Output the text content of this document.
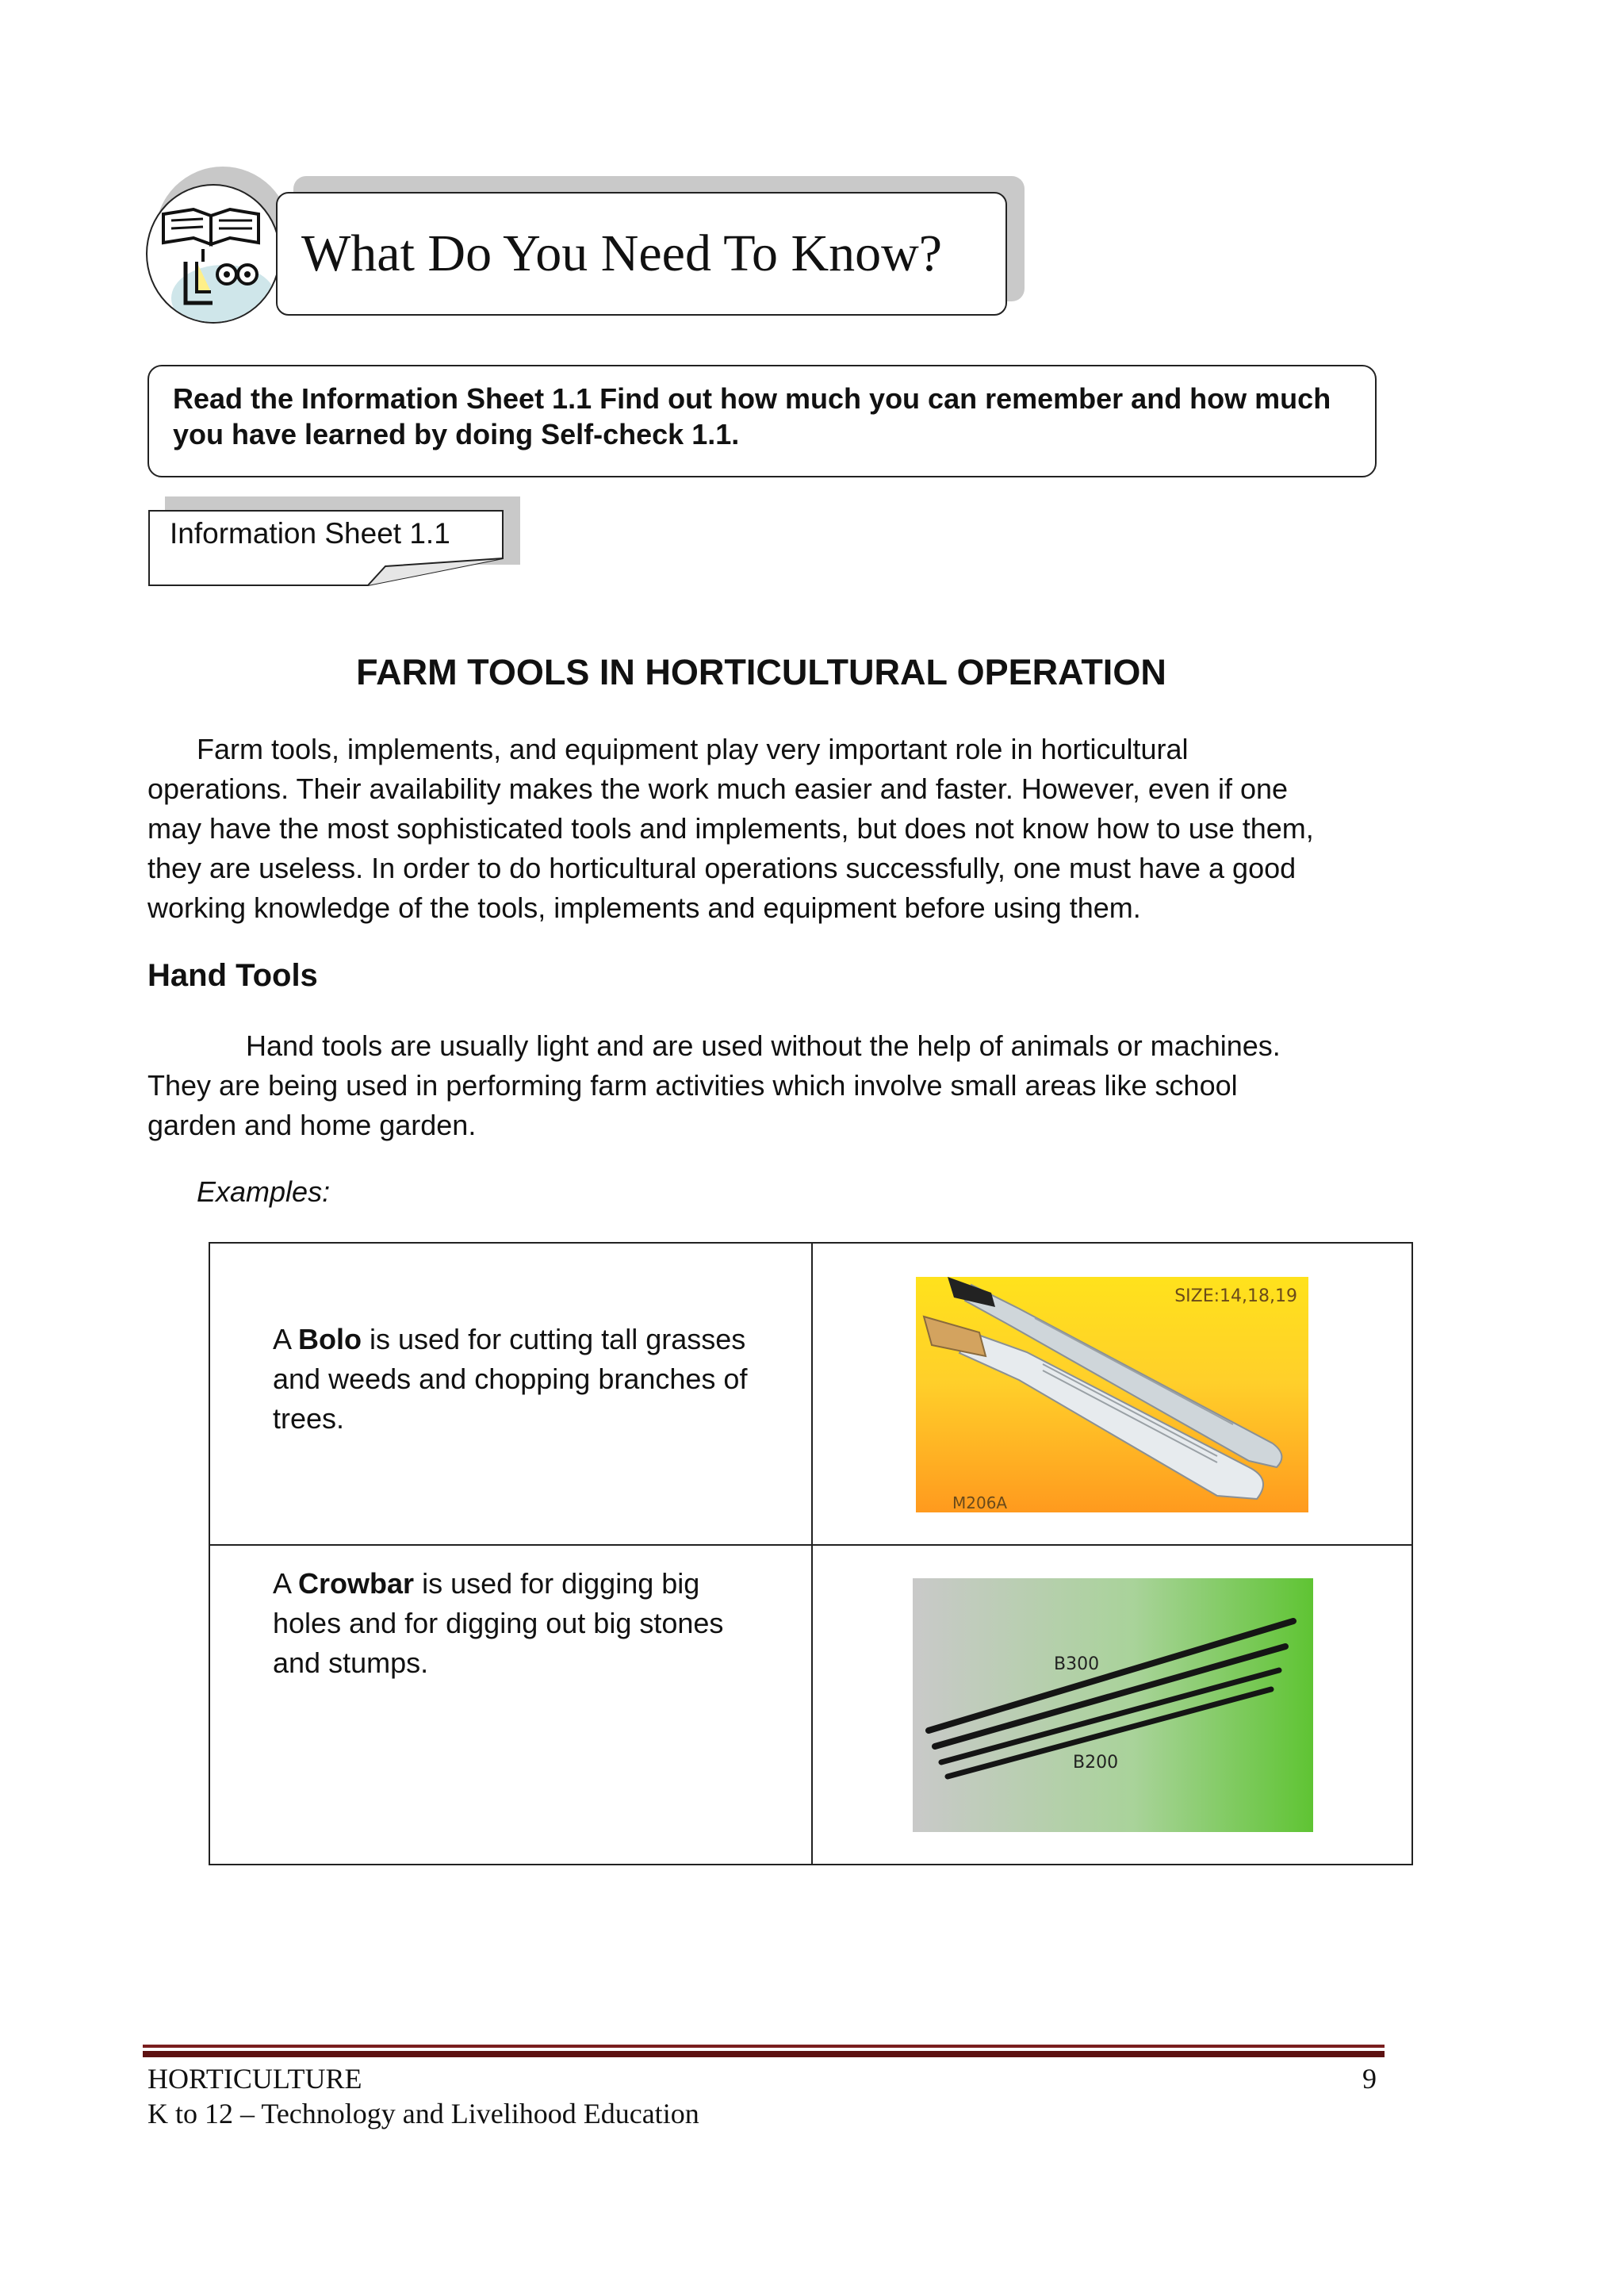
What Do You Need To Know?
Read the Information Sheet 1.1 Find out how much you can remember and how much you have learned by doing Self-check 1.1.
Information Sheet 1.1
FARM TOOLS IN HORTICULTURAL OPERATION
Farm tools, implements, and equipment play very important role in horticultural
operations. Their availability makes the work much easier and faster. However, even if one
may have the most sophisticated tools and implements, but does not know how to use them,
they are useless. In order to do horticultural operations successfully, one must have a good
working knowledge of the tools, implements and equipment before using them.
Hand Tools
Hand tools are usually light and are used without the help of animals or machines.
They are being used in performing farm activities which involve small areas like school
garden and home garden.
Examples:
A Bolo is used for cutting tall grasses
and weeds and chopping branches of
trees.
SIZE:14,18,19
M206A
A Crowbar is used for digging big
holes and for digging out big stones
and stumps.	B300
B200
HORTICULTURE
K to 12 – Technology and Livelihood Education
9
